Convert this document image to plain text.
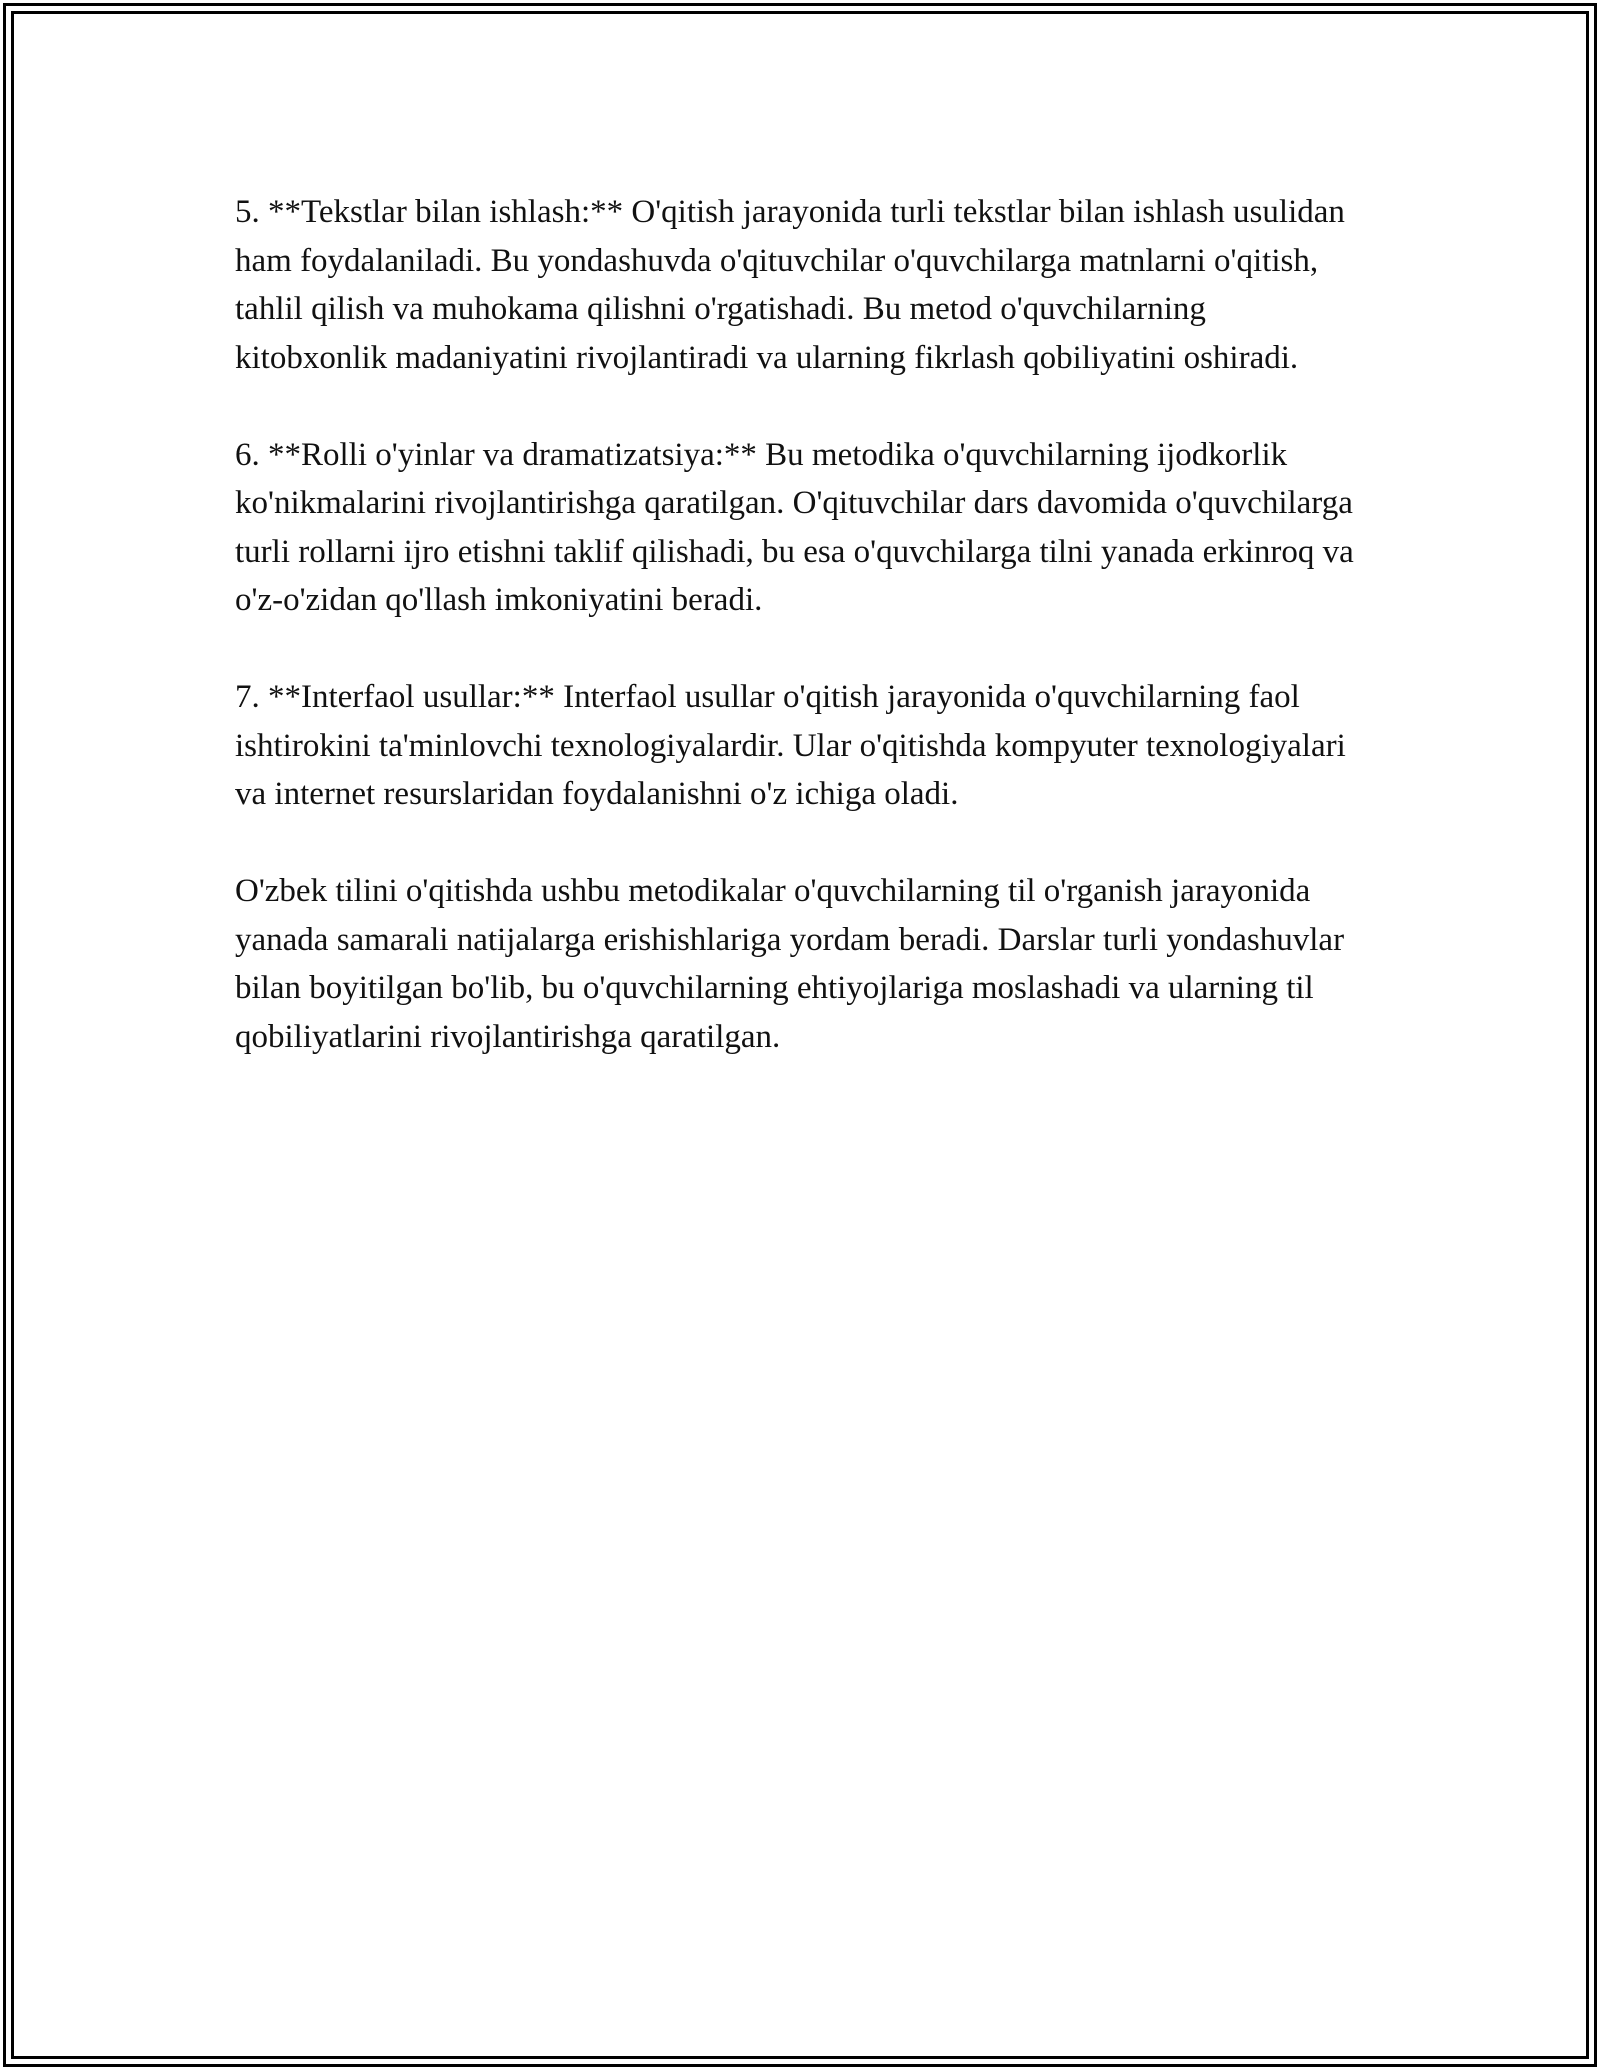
5. **Tekstlar bilan ishlash:** O'qitish jarayonida turli tekstlar bilan ishlash usulidan ham foydalaniladi. Bu yondashuvda o'qituvchilar o'quvchilarga matnlarni o'qitish, tahlil qilish va muhokama qilishni o'rgatishadi. Bu metod o'quvchilarning kitobxonlik madaniyatini rivojlantiradi va ularning fikrlash qobiliyatini oshiradi.

6. **Rolli o'yinlar va dramatizatsiya:** Bu metodika o'quvchilarning ijodkorlik ko'nikmalarini rivojlantirishga qaratilgan. O'qituvchilar dars davomida o'quvchilarga turli rollarni ijro etishni taklif qilishadi, bu esa o'quvchilarga tilni yanada erkinroq va o'z-o'zidan qo'llash imkoniyatini beradi.

7. **Interfaol usullar:** Interfaol usullar o'qitish jarayonida o'quvchilarning faol ishtirokini ta'minlovchi texnologiyalardir. Ular o'qitishda kompyuter texnologiyalari va internet resurslaridan foydalanishni o'z ichiga oladi.

O'zbek tilini o'qitishda ushbu metodikalar o'quvchilarning til o'rganish jarayonida yanada samarali natijalarga erishishlariga yordam beradi. Darslar turli yondashuvlar bilan boyitilgan bo'lib, bu o'quvchilarning ehtiyojlariga moslashadi va ularning til qobiliyatlarini rivojlantirishga qaratilgan.
